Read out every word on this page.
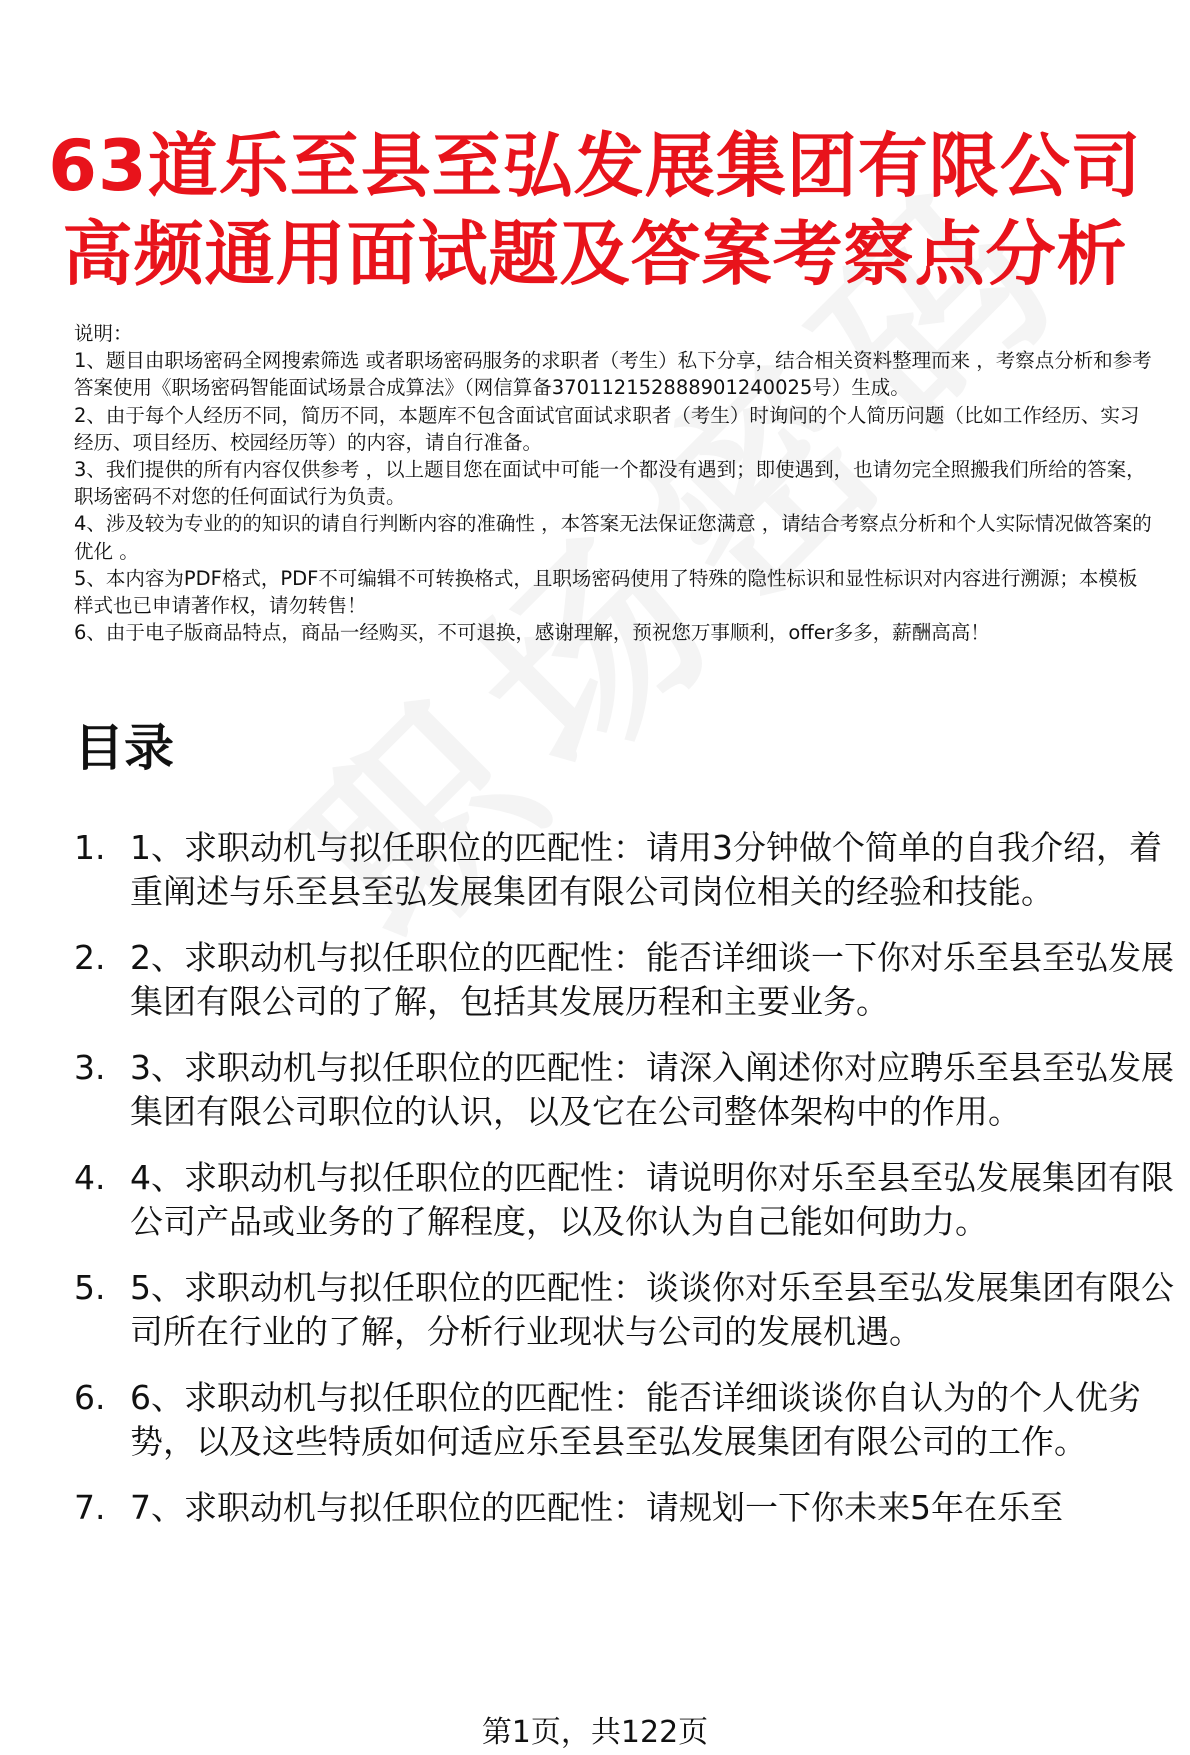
63道乐至县至弘发展集团有限公司
高频通用面试题及答案考察点分析

说明：

1、题目由职场密码全网搜索筛选 或者职场密码服务的求职者（考生）私下分享，结合相关资料整理而来 ，考察点分析和参考答案使用《职场密码智能面试场景合成算法》（网信算备370112152888901240025号）生成。

2、由于每个人经历不同，简历不同，本题库不包含面试官面试求职者（考生）时询问的个人简历问题（比如工作经历、实习经历、项目经历、校园经历等）的内容，请自行准备。

3、我们提供的所有内容仅供参考 ，以上题目您在面试中可能一个都没有遇到；即使遇到，也请勿完全照搬我们所给的答案，职场密码不对您的任何面试行为负责。

4、涉及较为专业的的知识的请自行判断内容的准确性 ，本答案无法保证您满意 ，请结合考察点分析和个人实际情况做答案的优化 。

5、本内容为PDF格式，PDF不可编辑不可转换格式，且职场密码使用了特殊的隐性标识和显性标识对内容进行溯源；本模板样式也已申请著作权，请勿转售！

6、由于电子版商品特点，商品一经购买，不可退换，感谢理解，预祝您万事顺利，offer多多，薪酬高高！

目录
1. 1、求职动机与拟任职位的匹配性：请用3分钟做个简单的自我介绍，着重阐述与乐至县至弘发展集团有限公司岗位相关的经验和技能。
2. 2、求职动机与拟任职位的匹配性：能否详细谈一下你对乐至县至弘发展集团有限公司的了解，包括其发展历程和主要业务。
3. 3、求职动机与拟任职位的匹配性：请深入阐述你对应聘乐至县至弘发展集团有限公司职位的认识，以及它在公司整体架构中的作用。
4. 4、求职动机与拟任职位的匹配性：请说明你对乐至县至弘发展集团有限公司产品或业务的了解程度，以及你认为自己能如何助力。
5. 5、求职动机与拟任职位的匹配性：谈谈你对乐至县至弘发展集团有限公司所在行业的了解，分析行业现状与公司的发展机遇。
6. 6、求职动机与拟任职位的匹配性：能否详细谈谈你自认为的个人优劣势，以及这些特质如何适应乐至县至弘发展集团有限公司的工作。
7. 7、求职动机与拟任职位的匹配性：请规划一下你未来5年在乐至
第1页，共122页
